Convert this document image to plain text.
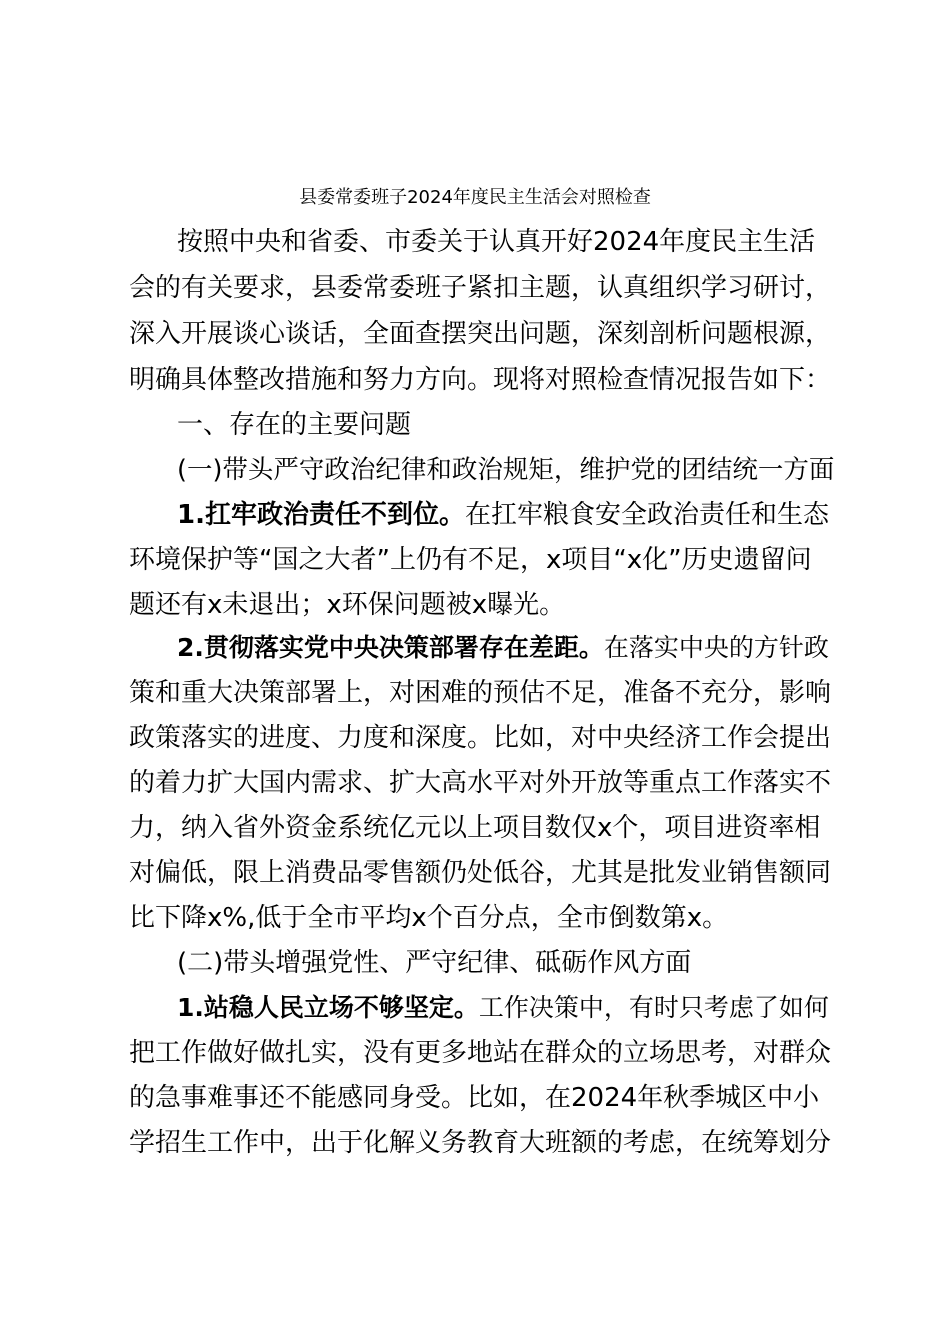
县委常委班子2024年度民主生活会对照检查
按照中央和省委、市委关于认真开好2024年度民主生活
会的有关要求，县委常委班子紧扣主题，认真组织学习研讨，
深入开展谈心谈话，全面查摆突出问题，深刻剖析问题根源，
明确具体整改措施和努力方向。现将对照检查情况报告如下：
一、存在的主要问题
(一)带头严守政治纪律和政治规矩，维护党的团结统一方面
1.扛牢政治责任不到位。在扛牢粮食安全政治责任和生态
环境保护等“国之大者”上仍有不足，x项目“x化”历史遗留问
题还有x未退出；x环保问题被x曝光。
2.贯彻落实党中央决策部署存在差距。在落实中央的方针政
策和重大决策部署上，对困难的预估不足，准备不充分，影响
政策落实的进度、力度和深度。比如，对中央经济工作会提出
的着力扩大国内需求、扩大高水平对外开放等重点工作落实不
力，纳入省外资金系统亿元以上项目数仅x个，项目进资率相
对偏低，限上消费品零售额仍处低谷，尤其是批发业销售额同
比下降x%,低于全市平均x个百分点，全市倒数第x。
(二)带头增强党性、严守纪律、砥砺作风方面
1.站稳人民立场不够坚定。工作决策中，有时只考虑了如何
把工作做好做扎实，没有更多地站在群众的立场思考，对群众
的急事难事还不能感同身受。比如，在2024年秋季城区中小
学招生工作中，出于化解义务教育大班额的考虑，在统筹划分
